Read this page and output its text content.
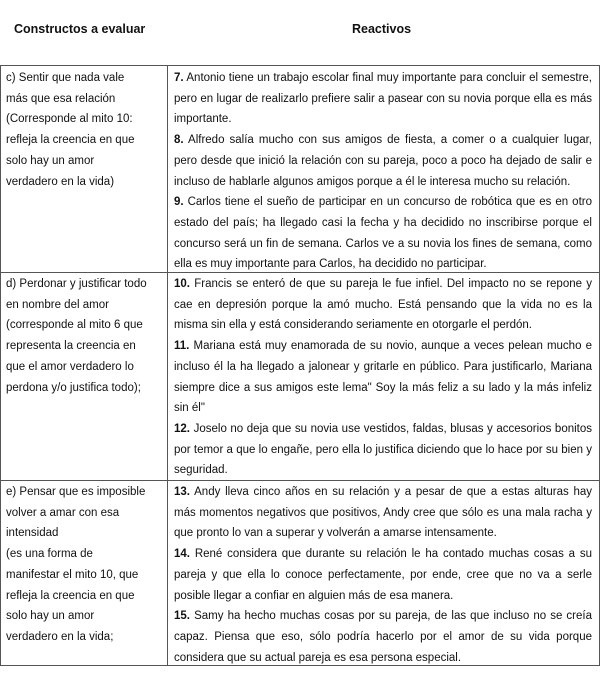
Constructos a evaluar	Reactivos
c) Sentir que nada vale
más que esa relación
(Corresponde al mito 10:
refleja la creencia en que
solo hay un amor
verdadero en la vida)

7. Antonio tiene un trabajo escolar final muy importante para concluir el semestre, pero en lugar de realizarlo prefiere salir a pasear con su novia porque ella es más importante.

8. Alfredo salía mucho con sus amigos de fiesta, a comer o a cualquier lugar, pero desde que inició la relación con su pareja, poco a poco ha dejado de salir e incluso de hablarle algunos amigos porque a él le interesa mucho su relación.

9. Carlos tiene el sueño de participar en un concurso de robótica que es en otro estado del país; ha llegado casi la fecha y ha decidido no inscribirse porque el concurso será un fin de semana. Carlos ve a su novia los fines de semana, como ella es muy importante para Carlos, ha decidido no participar.

d) Perdonar y justificar todo
en nombre del amor
(corresponde al mito 6 que
representa la creencia en
que el amor verdadero lo
perdona y/o justifica todo);

10. Francis se enteró de que su pareja le fue infiel. Del impacto no se repone y cae en depresión porque la amó mucho. Está pensando que la vida no es la misma sin ella y está considerando seriamente en otorgarle el perdón.

11. Mariana está muy enamorada de su novio, aunque a veces pelean mucho e incluso él la ha llegado a jalonear y gritarle en público. Para justificarlo, Mariana siempre dice a sus amigos este lema" Soy la más feliz a su lado y la más infeliz sin él"

12. Joselo no deja que su novia use vestidos, faldas, blusas y accesorios bonitos por temor a que lo engañe, pero ella lo justifica diciendo que lo hace por su bien y seguridad.

e) Pensar que es imposible
volver a amar con esa
intensidad
(es una forma de
manifestar el mito 10, que
refleja la creencia en que
solo hay un amor
verdadero en la vida;

13. Andy lleva cinco años en su relación y a pesar de que a estas alturas hay más momentos negativos que positivos, Andy cree que sólo es una mala racha y que pronto lo van a superar y volverán a amarse intensamente.

14. René considera que durante su relación le ha contado muchas cosas a su pareja y que ella lo conoce perfectamente, por ende, cree que no va a serle posible llegar a confiar en alguien más de esa manera.

15. Samy ha hecho muchas cosas por su pareja, de las que incluso no se creía capaz. Piensa que eso, sólo podría hacerlo por el amor de su vida porque considera que su actual pareja es esa persona especial.
